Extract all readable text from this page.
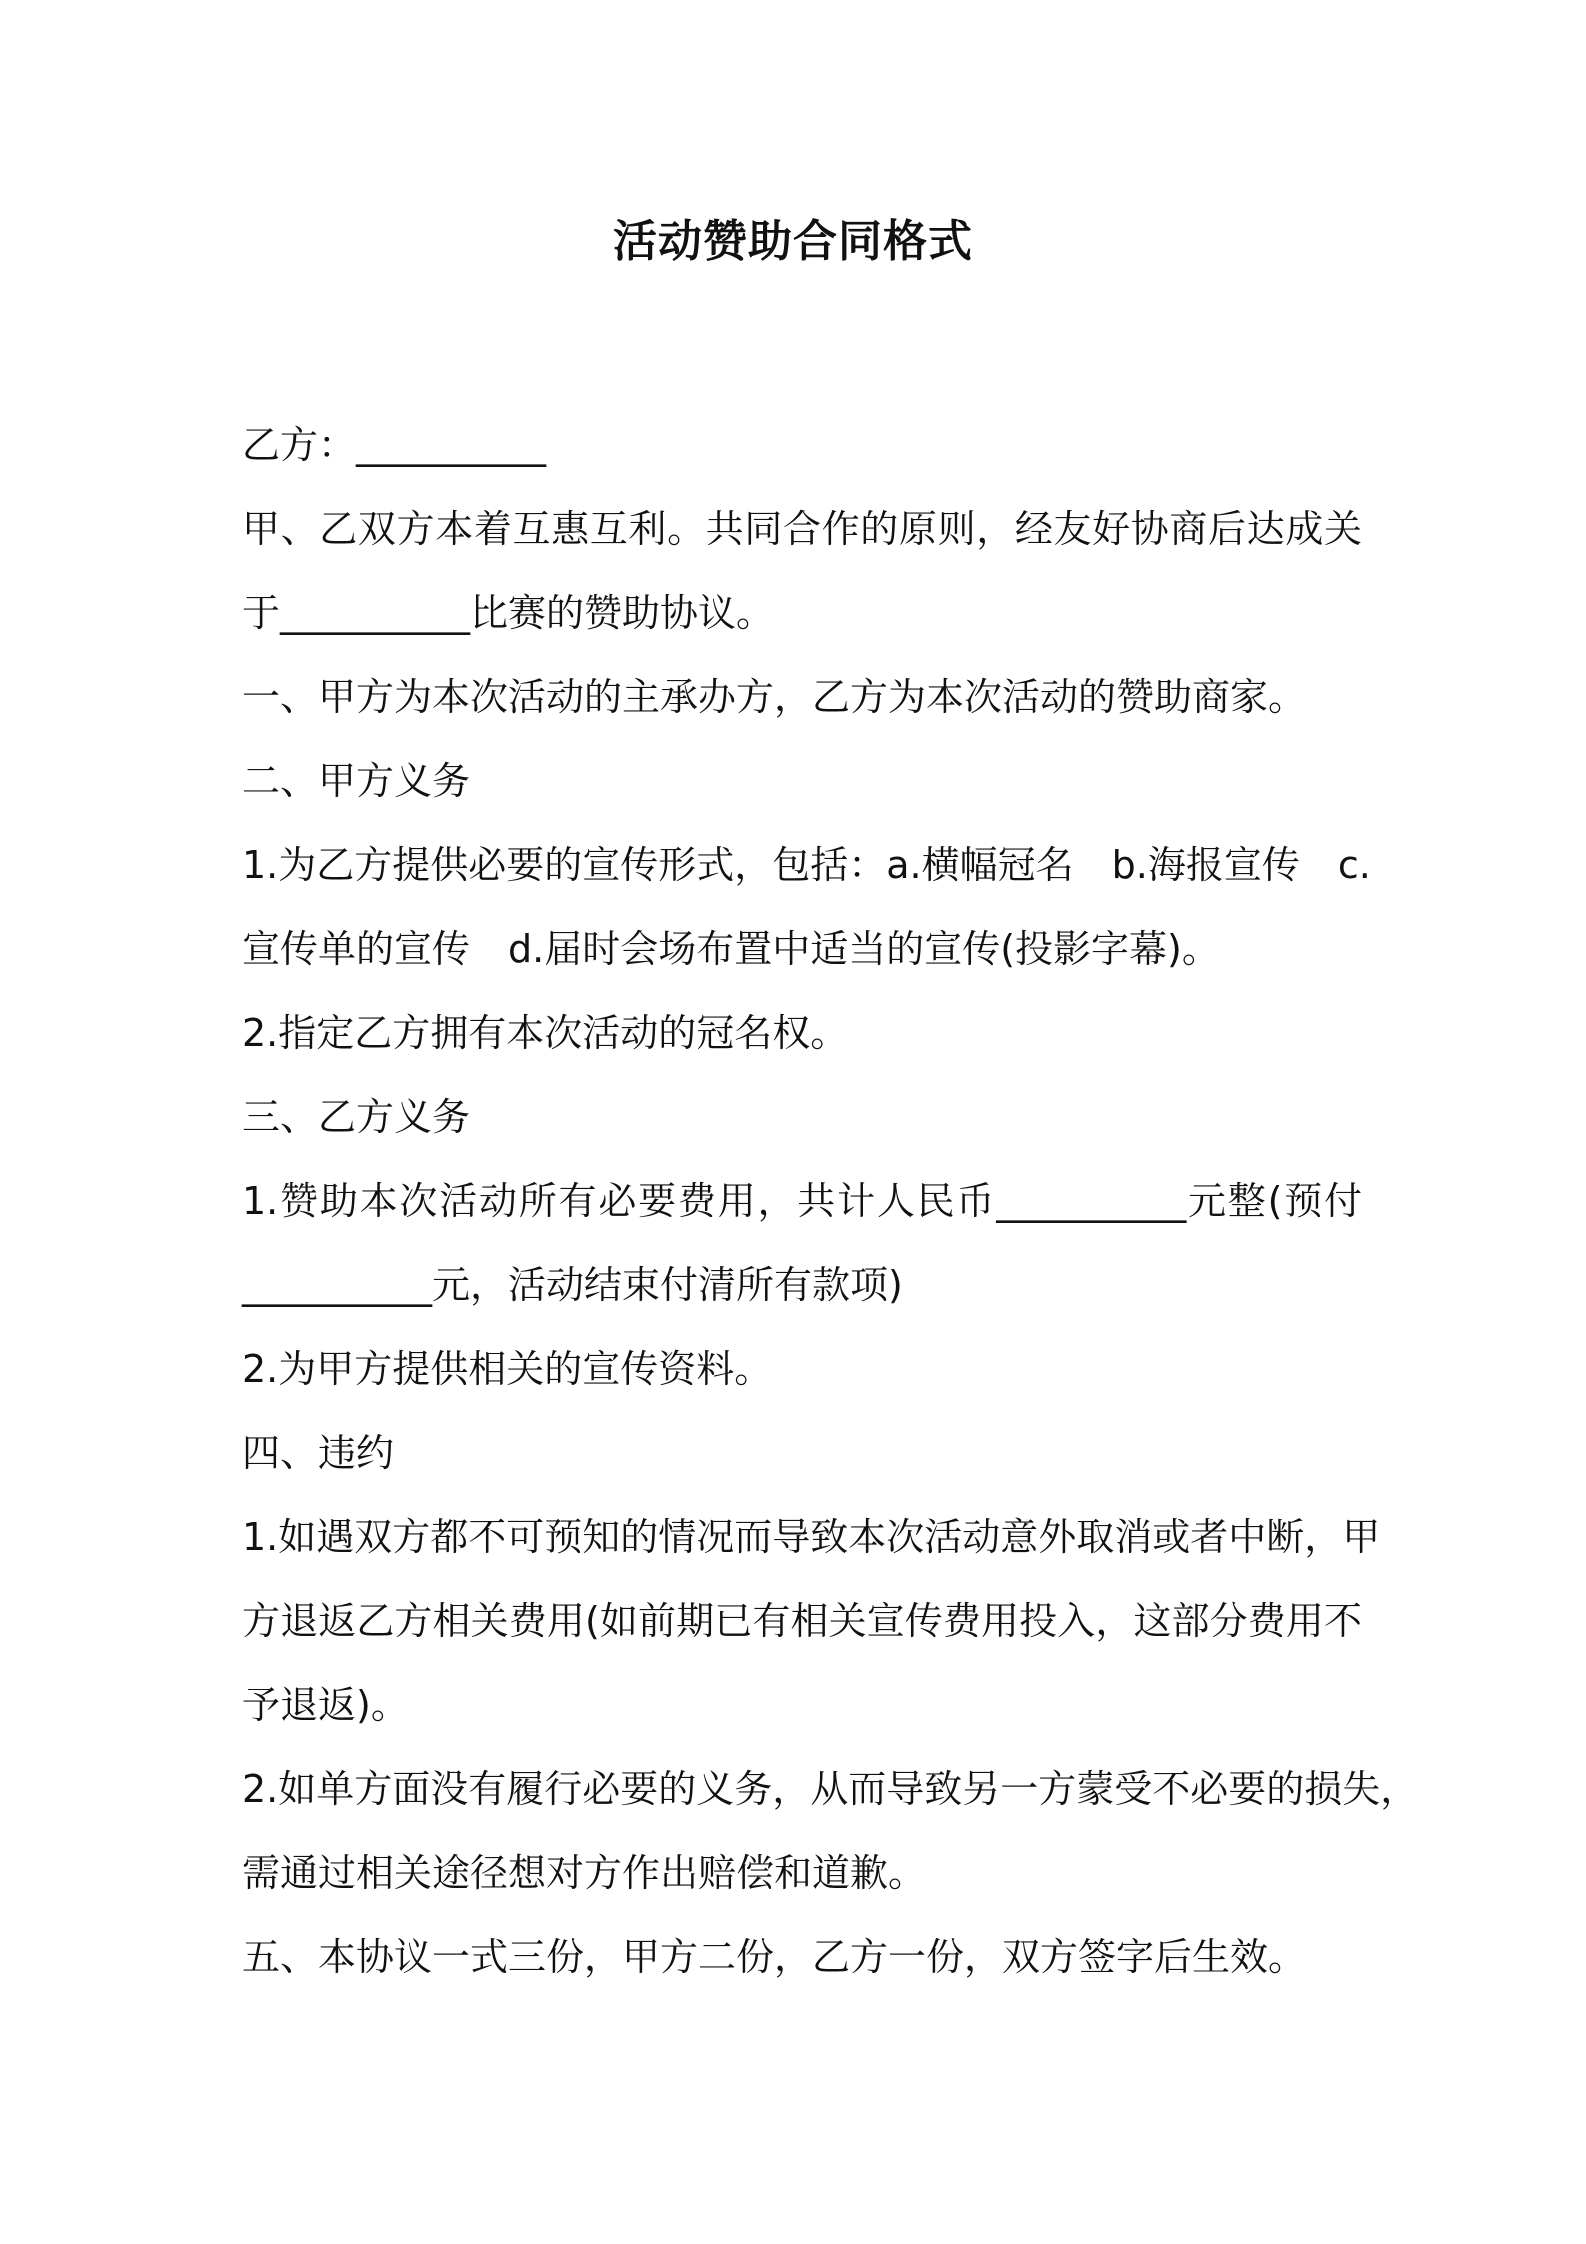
活动赞助合同格式

乙方：__________

甲、乙双方本着互惠互利。共同合作的原则，经友好协商后达成关

于__________比赛的赞助协议。

一、甲方为本次活动的主承办方，乙方为本次活动的赞助商家。

二、甲方义务

1.为乙方提供必要的宣传形式，包括：a.横幅冠名　b.海报宣传　c.

宣传单的宣传　d.届时会场布置中适当的宣传(投影字幕)。

2.指定乙方拥有本次活动的冠名权。

三、乙方义务

1.赞助本次活动所有必要费用，共计人民币__________元整(预付

__________元，活动结束付清所有款项)

2.为甲方提供相关的宣传资料。

四、违约

1.如遇双方都不可预知的情况而导致本次活动意外取消或者中断，甲

方退返乙方相关费用(如前期已有相关宣传费用投入，这部分费用不

予退返)。

2.如单方面没有履行必要的义务，从而导致另一方蒙受不必要的损失，

需通过相关途径想对方作出赔偿和道歉。

五、本协议一式三份，甲方二份，乙方一份，双方签字后生效。
